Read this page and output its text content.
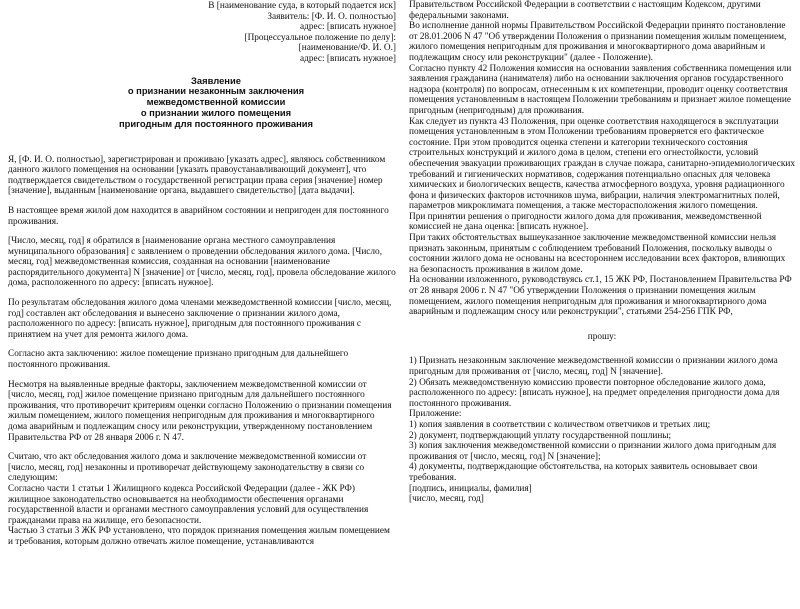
В [наименование суда, в который подается иск]

Заявитель: [Ф. И. О. полностью]

адрес: [вписать нужное]

[Процессуальное положение по делу]:

[наименование/Ф. И. О.]

адрес: [вписать нужное]

Заявление

о признании незаконным заключения

межведомственной комиссии

о признании жилого помещения

пригодным для постоянного проживания

Я, [Ф. И. О. полностью], зарегистрирован и проживаю [указать адрес], являюсь собственником данного жилого помещения на основании [указать правоустанавливающий документ], что подтверждается свидетельством о государственной регистрации права серия [значение] номер [значение], выданным [наименование органа, выдавшего свидетельство] [дата выдачи].

В настоящее время жилой дом находится в аварийном состоянии и непригоден для постоянного проживания.

[Число, месяц, год] я обратился в [наименование органа местного самоуправления муниципального образования] с заявлением о проведении обследования жилого дома. [Число, месяц, год] межведомственная комиссия, созданная на основании [наименование распорядительного документа] N [значение] от [число, месяц, год], провела обследование жилого дома, расположенного по адресу: [вписать нужное].

По результатам обследования жилого дома членами межведомственной комиссии [число, месяц, год] составлен акт обследования и вынесено заключение о признании жилого дома, расположенного по адресу: [вписать нужное], пригодным для постоянного проживания с принятием на учет для ремонта жилого дома.

Согласно акта заключению: жилое помещение признано пригодным для дальнейшего постоянного проживания.

Несмотря на выявленные вредные факторы, заключением межведомственной комиссии от [число, месяц, год] жилое помещение признано пригодным для дальнейшего постоянного проживания, что противоречит критериям оценки согласно Положению о признании помещения жилым помещением, жилого помещения непригодным для проживания и многоквартирного дома аварийным и подлежащим сносу или реконструкции, утвержденному постановлением Правительства РФ от 28 января 2006 г. N 47.

Считаю, что акт обследования жилого дома и заключение межведомственной комиссии от [число, месяц, год] незаконны и противоречат действующему законодательству в связи со следующим:

Согласно части 1 статьи 1 Жилищного кодекса Российской Федерации (далее - ЖК РФ) жилищное законодательство основывается на необходимости обеспечения органами государственной власти и органами местного самоуправления условий для осуществления гражданами права на жилище, его безопасности.

Частью 3 статьи 3 ЖК РФ установлено, что порядок признания помещения жилым помещением и требования, которым должно отвечать жилое помещение, устанавливаются

Правительством Российской Федерации в соответствии с настоящим Кодексом, другими федеральными законами.

Во исполнение данной нормы Правительством Российской Федерации принято постановление от 28.01.2006 N 47 "Об утверждении Положения о признании помещения жилым помещением, жилого помещения непригодным для проживания и многоквартирного дома аварийным и подлежащим сносу или реконструкции" (далее - Положение).

Согласно пункту 42 Положения комиссия на основании заявления собственника помещения или заявления гражданина (нанимателя) либо на основании заключения органов государственного надзора (контроля) по вопросам, отнесенным к их компетенции, проводит оценку соответствия помещения установленным в настоящем Положении требованиям и признает жилое помещение пригодным (непригодным) для проживания.

Как следует из пункта 43 Положения, при оценке соответствия находящегося в эксплуатации помещения установленным в этом Положении требованиям проверяется его фактическое состояние. При этом проводится оценка степени и категории технического состояния строительных конструкций и жилого дома в целом, степени его огнестойкости, условий обеспечения эвакуации проживающих граждан в случае пожара, санитарно-эпидемиологических требований и гигиенических нормативов, содержания потенциально опасных для человека химических и биологических веществ, качества атмосферного воздуха, уровня радиационного фона и физических факторов источников шума, вибрации, наличия электромагнитных полей, параметров микроклимата помещения, а также месторасположения жилого помещения.

При принятии решения о пригодности жилого дома для проживания, межведомственной комиссией не дана оценка: [вписать нужное].

При таких обстоятельствах вышеуказанное заключение межведомственной комиссии нельзя признать законным, принятым с соблюдением требований Положения, поскольку выводы о состоянии жилого дома не основаны на всестороннем исследовании всех факторов, влияющих на безопасность проживания в жилом доме.

На основании изложенного, руководствуясь ст.1, 15 ЖК РФ, Постановлением Правительства РФ от 28 января 2006 г. N 47 "Об утверждении Положения о признании помещения жилым помещением, жилого помещения непригодным для проживания и многоквартирного дома аварийным и подлежащим сносу или реконструкции", статьями 254-256 ГПК РФ,

прошу:

1) Признать незаконным заключение межведомственной комиссии о признании жилого дома пригодным для проживания от [число, месяц, год] N [значение].

2) Обязать межведомственную комиссию провести повторное обследование жилого дома, расположенного по адресу: [вписать нужное], на предмет определения пригодности дома для постоянного проживания.

Приложение:

1) копия заявления в соответствии с количеством ответчиков и третьих лиц;

2) документ, подтверждающий уплату государственной пошлины;

3) копия заключения межведомственной комиссии о признании жилого дома пригодным для проживания от [число, месяц, год] N [значение];

4) документы, подтверждающие обстоятельства, на которых заявитель основывает свои требования.

[подпись, инициалы, фамилия]

[число, месяц, год]
